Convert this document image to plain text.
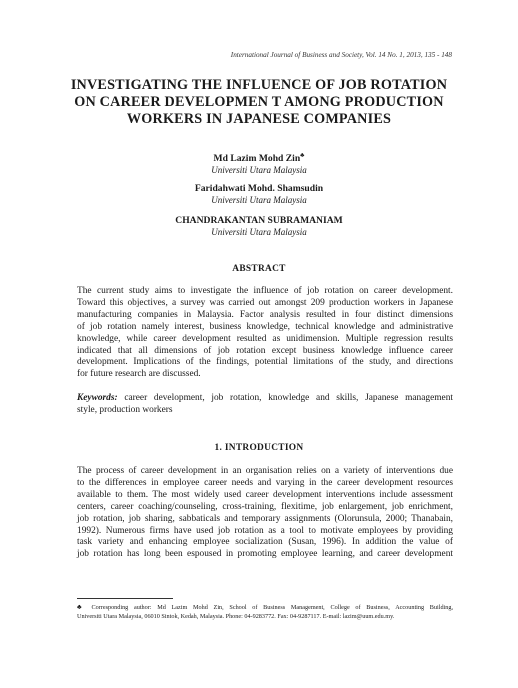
International Journal of Business and Society, Vol. 14 No. 1, 2013, 135 - 148
INVESTIGATING THE INFLUENCE OF JOB ROTATION
ON CAREER DEVELOPMEN T AMONG PRODUCTION
WORKERS IN JAPANESE COMPANIES
Md Lazim Mohd Zin♣
Universiti Utara Malaysia
Faridahwati Mohd. Shamsudin
Universiti Utara Malaysia
CHANDRAKANTAN SUBRAMANIAM
Universiti Utara Malaysia
ABSTRACT
The current study aims to investigate the influence of job rotation on career development.
Toward this objectives, a survey was carried out amongst 209 production workers in Japanese
manufacturing companies in Malaysia. Factor analysis resulted in four distinct dimensions
of job rotation namely interest, business knowledge, technical knowledge and administrative
knowledge, while career development resulted as unidimension. Multiple regression results
indicated that all dimensions of job rotation except business knowledge influence career
development. Implications of the findings, potential limitations of the study, and directions
for future research are discussed.
Keywords: career development, job rotation, knowledge and skills, Japanese management
style, production workers
1. INTRODUCTION
The process of career development in an organisation relies on a variety of interventions due
to the differences in employee career needs and varying in the career development resources
available to them. The most widely used career development interventions include assessment
centers, career coaching/counseling, cross-training, flexitime, job enlargement, job enrichment,
job rotation, job sharing, sabbaticals and temporary assignments (Olorunsula, 2000; Thanabain,
1992). Numerous firms have used job rotation as a tool to motivate employees by providing
task variety and enhancing employee socialization (Susan, 1996). In addition the value of
job rotation has long been espoused in promoting employee learning, and career development
♣ Corresponding author: Md Lazim Mohd Zin, School of Business Management, College of Business, Accounting Building,
Universiti Utara Malaysia, 06010 Sintok, Kedah, Malaysia. Phone: 04-9283772. Fax: 04-9287117. E-mail: lazim@uum.edu.my.
